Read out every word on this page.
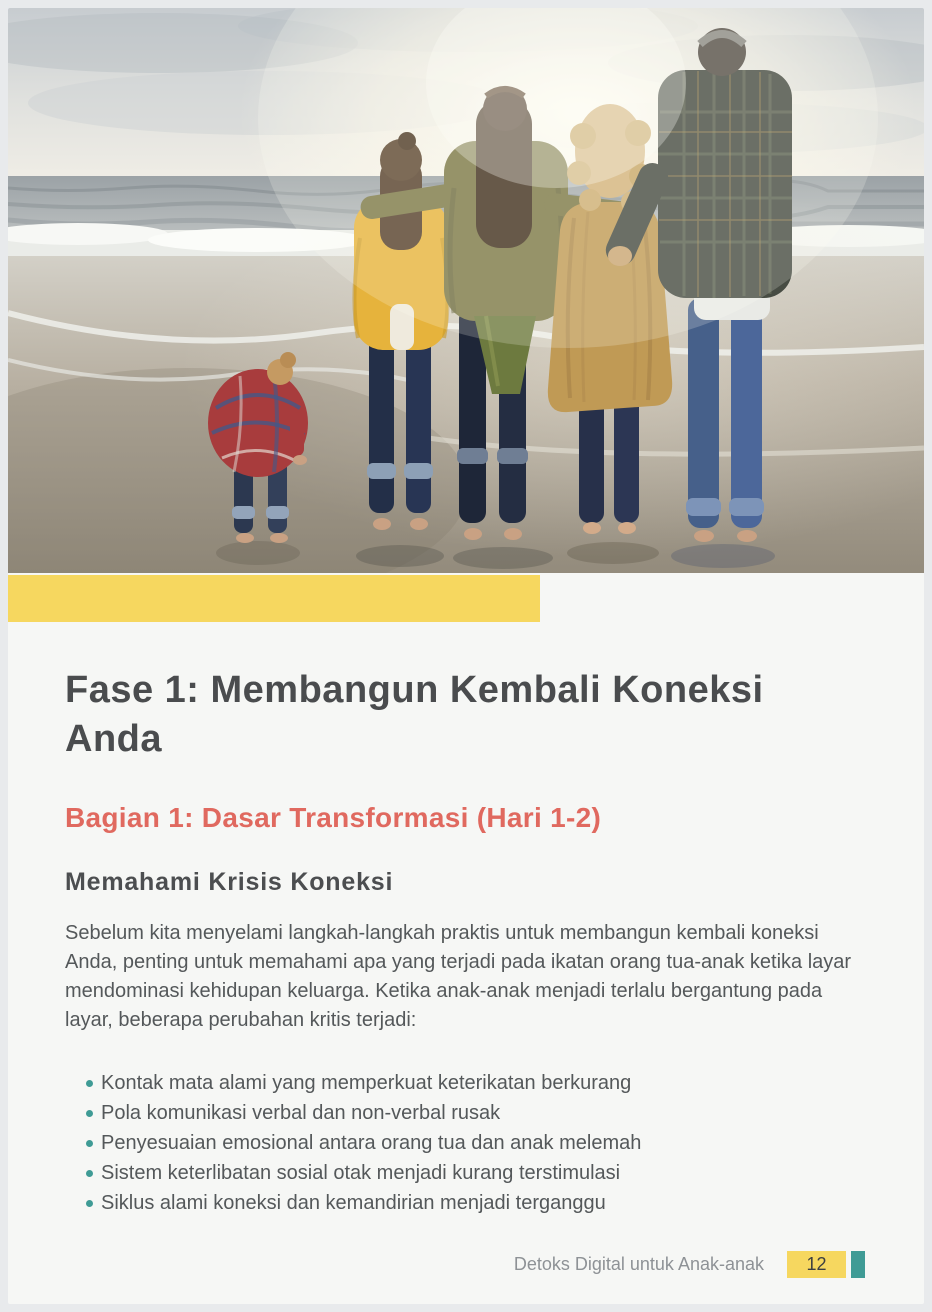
Fase 1: Membangun Kembali Koneksi Anda
Bagian 1: Dasar Transformasi (Hari 1-2)
Memahami Krisis Koneksi

Sebelum kita menyelami langkah-langkah praktis untuk membangun kembali koneksi Anda, penting untuk memahami apa yang terjadi pada ikatan orang tua-anak ketika layar mendominasi kehidupan keluarga. Ketika anak-anak menjadi terlalu bergantung pada layar, beberapa perubahan kritis terjadi:

Kontak mata alami yang memperkuat keterikatan berkurang
Pola komunikasi verbal dan non-verbal rusak
Penyesuaian emosional antara orang tua dan anak melemah
Sistem keterlibatan sosial otak menjadi kurang terstimulasi
Siklus alami koneksi dan kemandirian menjadi terganggu
Detoks Digital untuk Anak-anak	12
